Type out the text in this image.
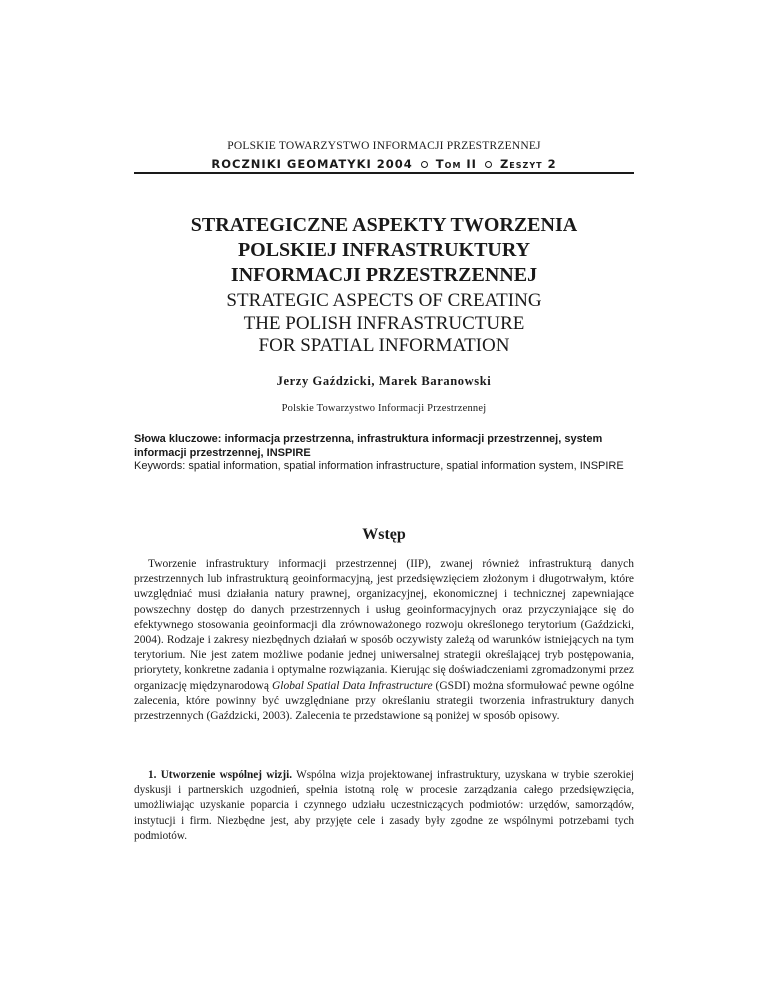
POLSKIE TOWARZYSTWO INFORMACJI PRZESTRZENNEJ
ROCZNIKI GEOMATYKI 2004 Tom II Zeszyt 2
STRATEGICZNE ASPEKTY TWORZENIA
POLSKIEJ INFRASTRUKTURY
INFORMACJI PRZESTRZENNEJ
STRATEGIC ASPECTS OF CREATING
THE POLISH INFRASTRUCTURE
FOR SPATIAL INFORMATION
Jerzy Gaździcki, Marek Baranowski
Polskie Towarzystwo Informacji Przestrzennej
Słowa kluczowe: informacja przestrzenna, infrastruktura informacji przestrzennej, system informacji przestrzennej, INSPIRE
Keywords: spatial information, spatial information infrastructure, spatial information system, INSPIRE
Wstęp
Tworzenie infrastruktury informacji przestrzennej (IIP), zwanej również infrastrukturą danych przestrzennych lub infrastrukturą geoinformacyjną, jest przedsięwzięciem złożonym i długotrwałym, które uwzględniać musi działania natury prawnej, organizacyjnej, ekonomicznej i technicznej zapewniające powszechny dostęp do danych przestrzennych i usług geoinformacyjnych oraz przyczyniające się do efektywnego stosowania geoinformacji dla zrównoważonego rozwoju określonego terytorium (Gaździcki, 2004). Rodzaje i zakresy niezbędnych działań w sposób oczywisty zależą od warunków istniejących na tym terytorium. Nie jest zatem możliwe podanie jednej uniwersalnej strategii określającej tryb postępowania, priorytety, konkretne zadania i optymalne rozwiązania. Kierując się doświadczeniami zgromadzonymi przez organizację międzynarodową Global Spatial Data Infrastructure (GSDI) można sformułować pewne ogólne zalecenia, które powinny być uwzględniane przy określaniu strategii tworzenia infrastruktury danych przestrzennych (Gaździcki, 2003). Zalecenia te przedstawione są poniżej w sposób opisowy.
1. Utworzenie wspólnej wizji. Wspólna wizja projektowanej infrastruktury, uzyskana w trybie szerokiej dyskusji i partnerskich uzgodnień, spełnia istotną rolę w procesie zarządzania całego przedsięwzięcia, umożliwiając uzyskanie poparcia i czynnego udziału uczestniczących podmiotów: urzędów, samorządów, instytucji i firm. Niezbędne jest, aby przyjęte cele i zasady były zgodne ze wspólnymi potrzebami tych podmiotów.
